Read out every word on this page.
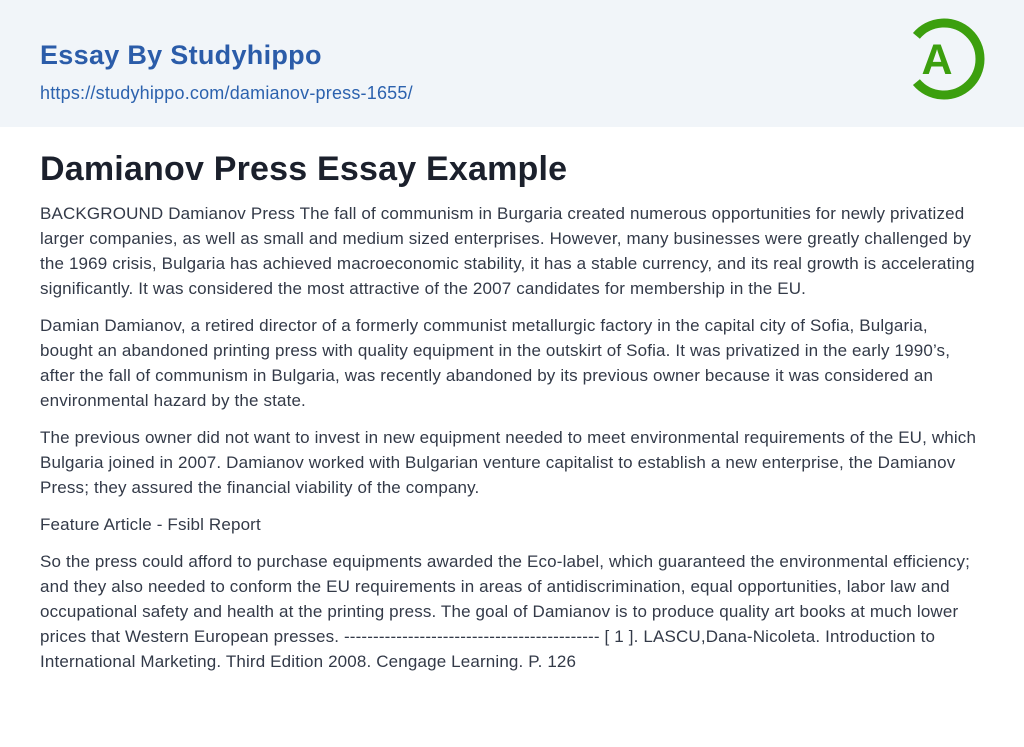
Essay By Studyhippo
https://studyhippo.com/damianov-press-1655/
A
Damianov Press Essay Example

BACKGROUND Damianov Press The fall of communism in Burgaria created numerous opportunities for newly privatized larger companies, as well as small and medium sized enterprises. However, many businesses were greatly challenged by the 1969 crisis, Bulgaria has achieved macroeconomic stability, it has a stable currency, and its real growth is accelerating significantly. It was considered the most attractive of the 2007 candidates for membership in the EU.

Damian Damianov, a retired director of a formerly communist metallurgic factory in the capital city of Sofia, Bulgaria, bought an abandoned printing press with quality equipment in the outskirt of Sofia. It was privatized in the early 1990’s, after the fall of communism in Bulgaria, was recently abandoned by its previous owner because it was considered an environmental hazard by the state.

The previous owner did not want to invest in new equipment needed to meet environmental requirements of the EU, which Bulgaria joined in 2007. Damianov worked with Bulgarian venture capitalist to establish a new enterprise, the Damianov Press; they assured the financial viability of the company.

Feature Article - Fsibl Report

So the press could afford to purchase equipments awarded the Eco-label, which guaranteed the environmental efficiency; and they also needed to conform the EU requirements in areas of antidiscrimination, equal opportunities, labor law and occupational safety and health at the printing press. The goal of Damianov is to produce quality art books at much lower prices that Western European presses. -------------------------------------------- [ 1 ]. LASCU,Dana-Nicoleta. Introduction to International Marketing. Third Edition 2008. Cengage Learning. P. 126
